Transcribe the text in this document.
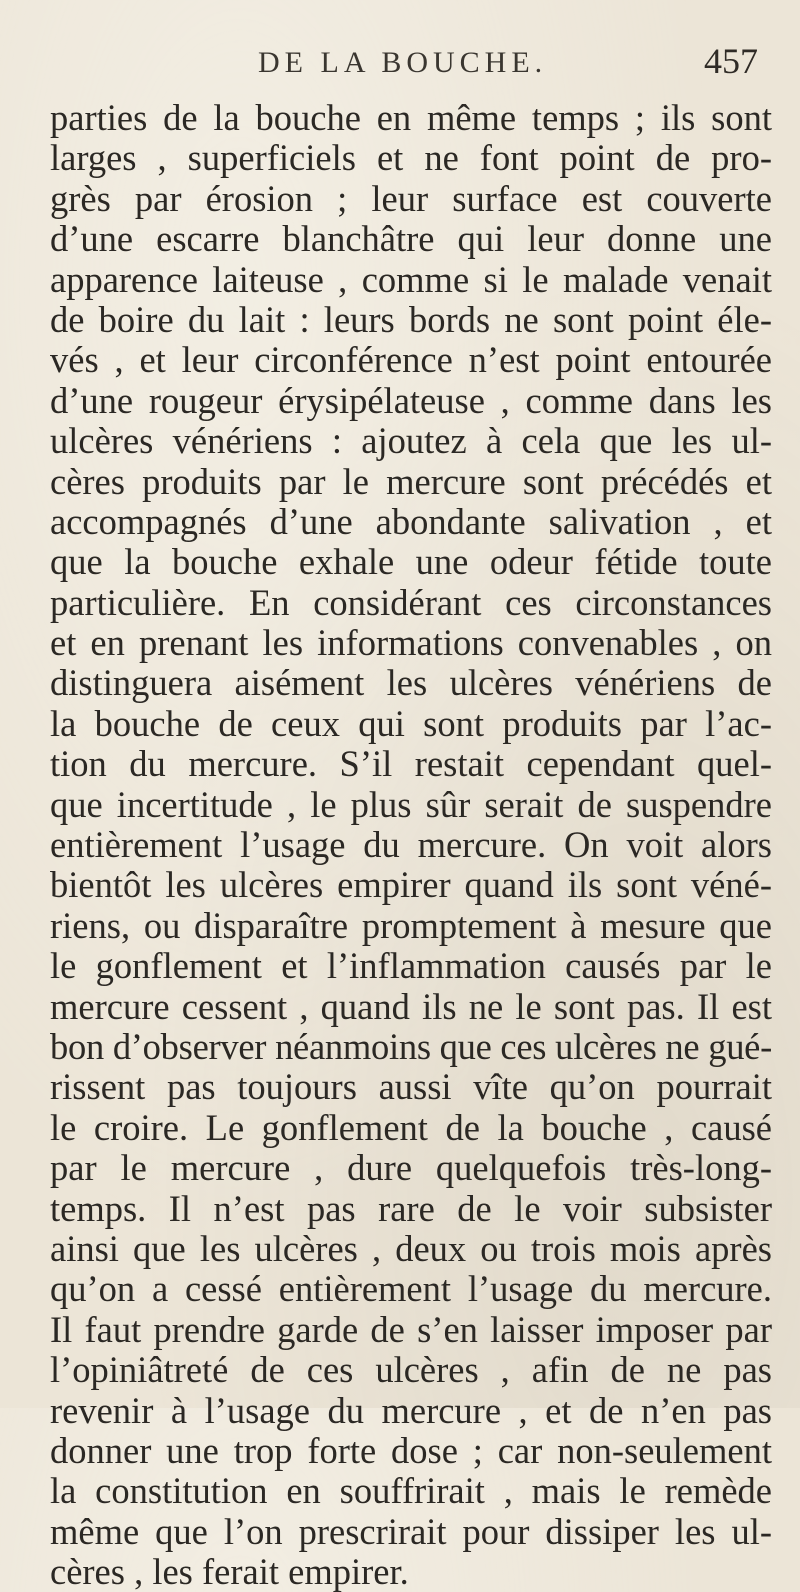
DE LA BOUCHE.	457
parties de la bouche en même temps ; ils sont
larges , superficiels et ne font point de pro-
grès par érosion ; leur surface est couverte
d’une escarre blanchâtre qui leur donne une
apparence laiteuse , comme si le malade venait
de boire du lait : leurs bords ne sont point éle-
vés , et leur circonférence n’est point entourée
d’une rougeur érysipélateuse , comme dans les
ulcères vénériens : ajoutez à cela que les ul-
cères produits par le mercure sont précédés et
accompagnés d’une abondante salivation , et
que la bouche exhale une odeur fétide toute
particulière. En considérant ces circonstances
et en prenant les informations convenables , on
distinguera aisément les ulcères vénériens de
la bouche de ceux qui sont produits par l’ac-
tion du mercure. S’il restait cependant quel-
que incertitude , le plus sûr serait de suspendre
entièrement l’usage du mercure. On voit alors
bientôt les ulcères empirer quand ils sont véné-
riens, ou disparaître promptement à mesure que
le gonflement et l’inflammation causés par le
mercure cessent , quand ils ne le sont pas. Il est
bon d’observer néanmoins que ces ulcères ne gué-
rissent pas toujours aussi vîte qu’on pourrait
le croire. Le gonflement de la bouche , causé
par le mercure , dure quelquefois très-long-
temps. Il n’est pas rare de le voir subsister
ainsi que les ulcères , deux ou trois mois après
qu’on a cessé entièrement l’usage du mercure.
Il faut prendre garde de s’en laisser imposer par
l’opiniâtreté de ces ulcères , afin de ne pas
revenir à l’usage du mercure , et de n’en pas
donner une trop forte dose ; car non-seulement
la constitution en souffrirait , mais le remède
même que l’on prescrirait pour dissiper les ul-
cères , les ferait empirer.
